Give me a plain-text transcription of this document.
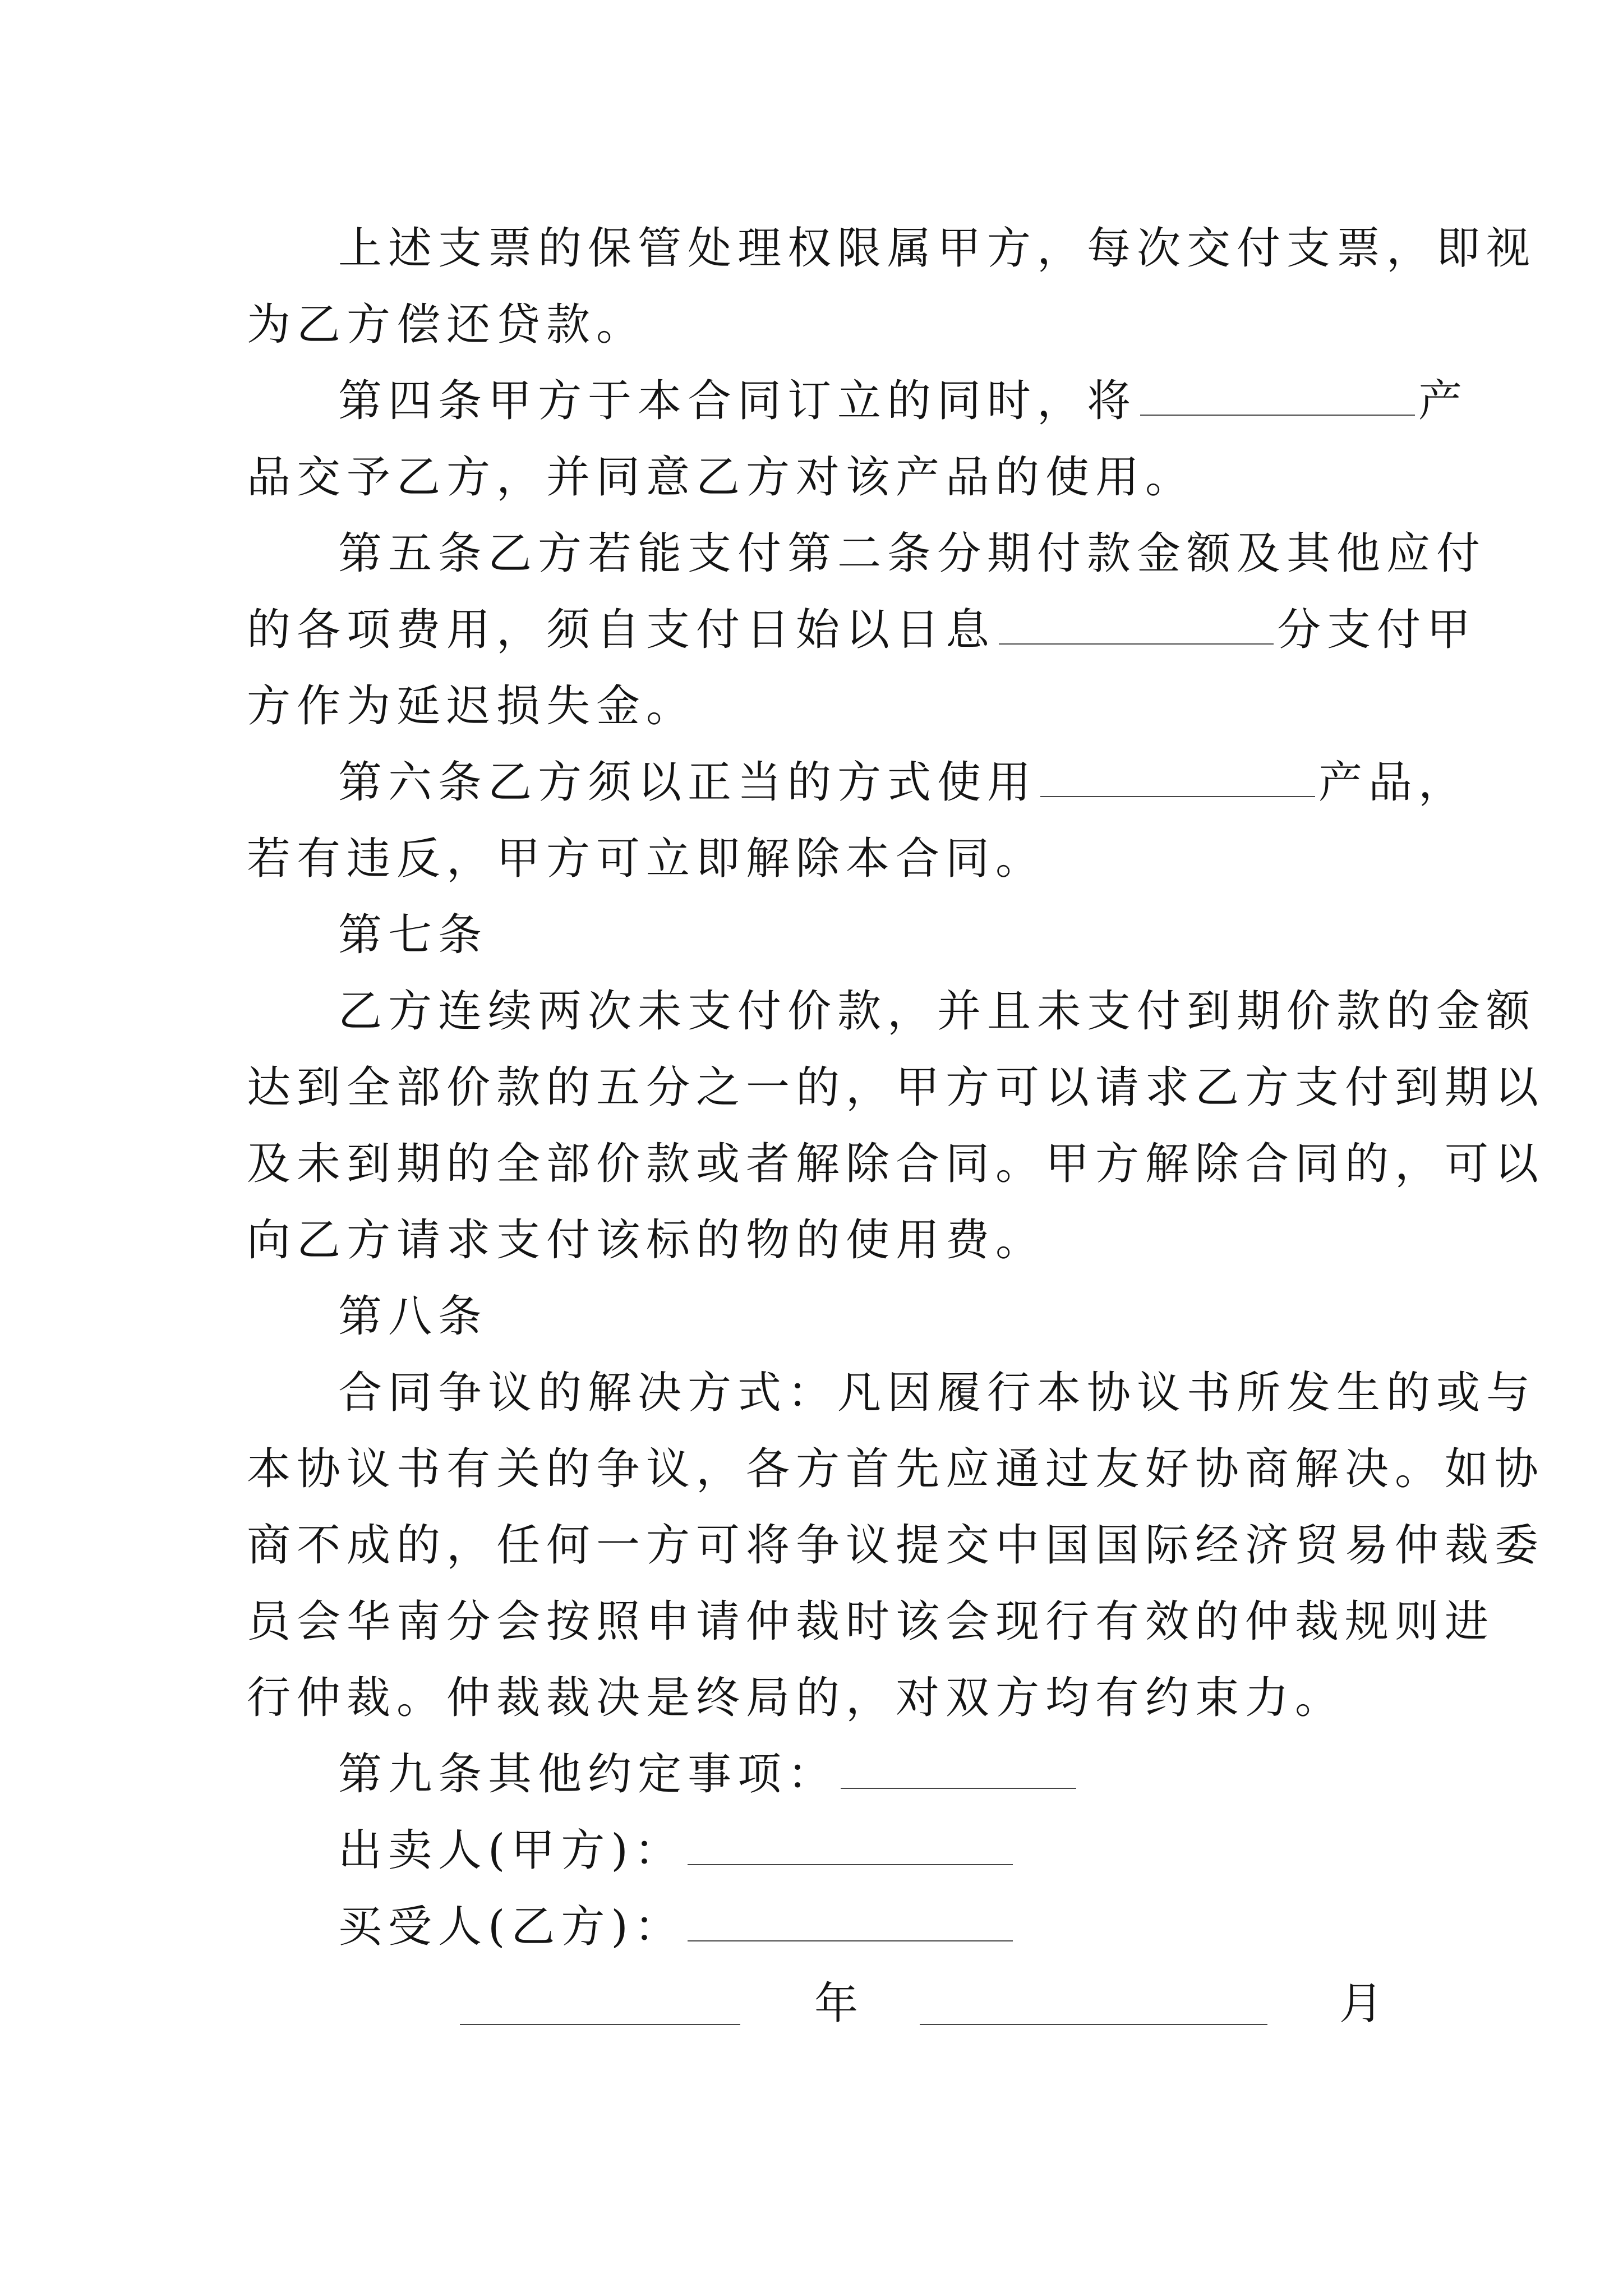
上述支票的保管处理权限属甲方，每次交付支票，即视
为乙方偿还贷款。
第四条甲方于本合同订立的同时，将	产
品交予乙方，并同意乙方对该产品的使用。
第五条乙方若能支付第二条分期付款金额及其他应付
的各项费用，须自支付日始以日息	分支付甲
方作为延迟损失金。
第六条乙方须以正当的方式使用	产品，
若有违反，甲方可立即解除本合同。
第七条
乙方连续两次未支付价款，并且未支付到期价款的金额
达到全部价款的五分之一的，甲方可以请求乙方支付到期以
及未到期的全部价款或者解除合同。甲方解除合同的，可以
向乙方请求支付该标的物的使用费。
第八条
合同争议的解决方式：凡因履行本协议书所发生的或与
本协议书有关的争议，各方首先应通过友好协商解决。如协
商不成的，任何一方可将争议提交中国国际经济贸易仲裁委
员会华南分会按照申请仲裁时该会现行有效的仲裁规则进
行仲裁。仲裁裁决是终局的，对双方均有约束力。
第九条其他约定事项：
出卖人(甲方)：
买受人(乙方)：
年	月
